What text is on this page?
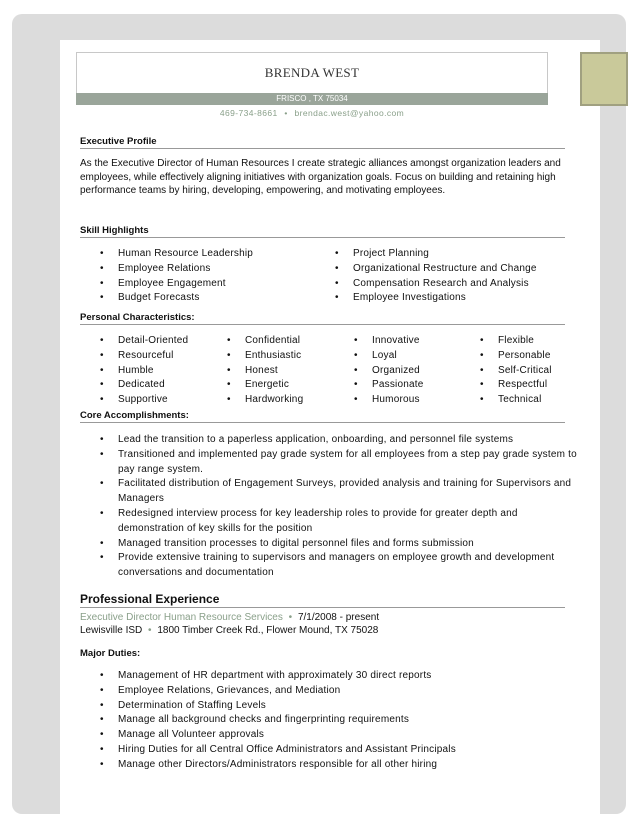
BRENDA WEST
FRISCO , TX 75034
469-734-8661 • brendac.west@yahoo.com
Executive Profile
As the Executive Director of Human Resources I create strategic alliances amongst organization leaders and employees, while effectively aligning initiatives with organization goals. Focus on building and retaining high performance teams by hiring, developing, empowering, and motivating employees.
Skill Highlights
• Human Resource Leadership
• Employee Relations
• Employee Engagement
• Budget Forecasts
• Project Planning
• Organizational Restructure and Change
• Compensation Research and Analysis
• Employee Investigations
Personal Characteristics:
• Detail-Oriented
• Resourceful
• Humble
• Dedicated
• Supportive
• Confidential
• Enthusiastic
• Honest
• Energetic
• Hardworking
• Innovative
• Loyal
• Organized
• Passionate
• Humorous
• Flexible
• Personable
• Self-Critical
• Respectful
• Technical
Core Accomplishments:
• Lead the transition to a paperless application, onboarding, and personnel file systems
• Transitioned and implemented pay grade system for all employees from a step pay grade system to pay range system.
• Facilitated distribution of Engagement Surveys, provided analysis and training for Supervisors and Managers
• Redesigned interview process for key leadership roles to provide for greater depth and demonstration of key skills for the position
• Managed transition processes to digital personnel files and forms submission
• Provide extensive training to supervisors and managers on employee growth and development conversations and documentation
Professional Experience
Executive Director Human Resource Services • 7/1/2008 - present
Lewisville ISD • 1800 Timber Creek Rd., Flower Mound, TX 75028
Major Duties:
• Management of HR department with approximately 30 direct reports
• Employee Relations, Grievances, and Mediation
• Determination of Staffing Levels
• Manage all background checks and fingerprinting requirements
• Manage all Volunteer approvals
• Hiring Duties for all Central Office Administrators and Assistant Principals
• Manage other Directors/Administrators responsible for all other hiring
